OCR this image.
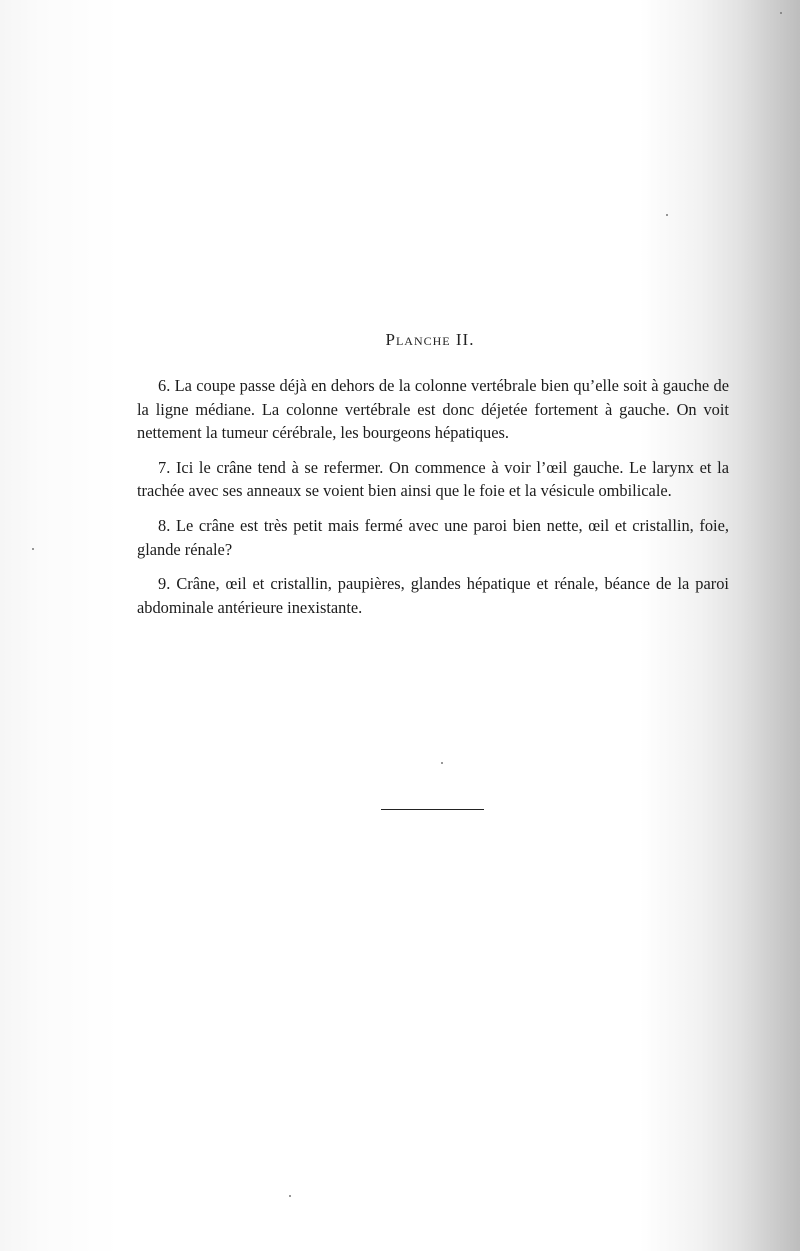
Planche II.

6. La coupe passe déjà en dehors de la colonne vertébrale bien qu’elle soit à gauche de la ligne médiane. La colonne vertébrale est donc déjetée fortement à gauche. On voit nettement la tumeur cérébrale, les bourgeons hépatiques.

7. Ici le crâne tend à se refermer. On commence à voir l’œil gauche. Le larynx et la trachée avec ses anneaux se voient bien ainsi que le foie et la vésicule ombilicale.

8. Le crâne est très petit mais fermé avec une paroi bien nette, œil et cristallin, foie, glande rénale?

9. Crâne, œil et cristallin, paupières, glandes hépatique et rénale, béance de la paroi abdominale antérieure inexistante.
